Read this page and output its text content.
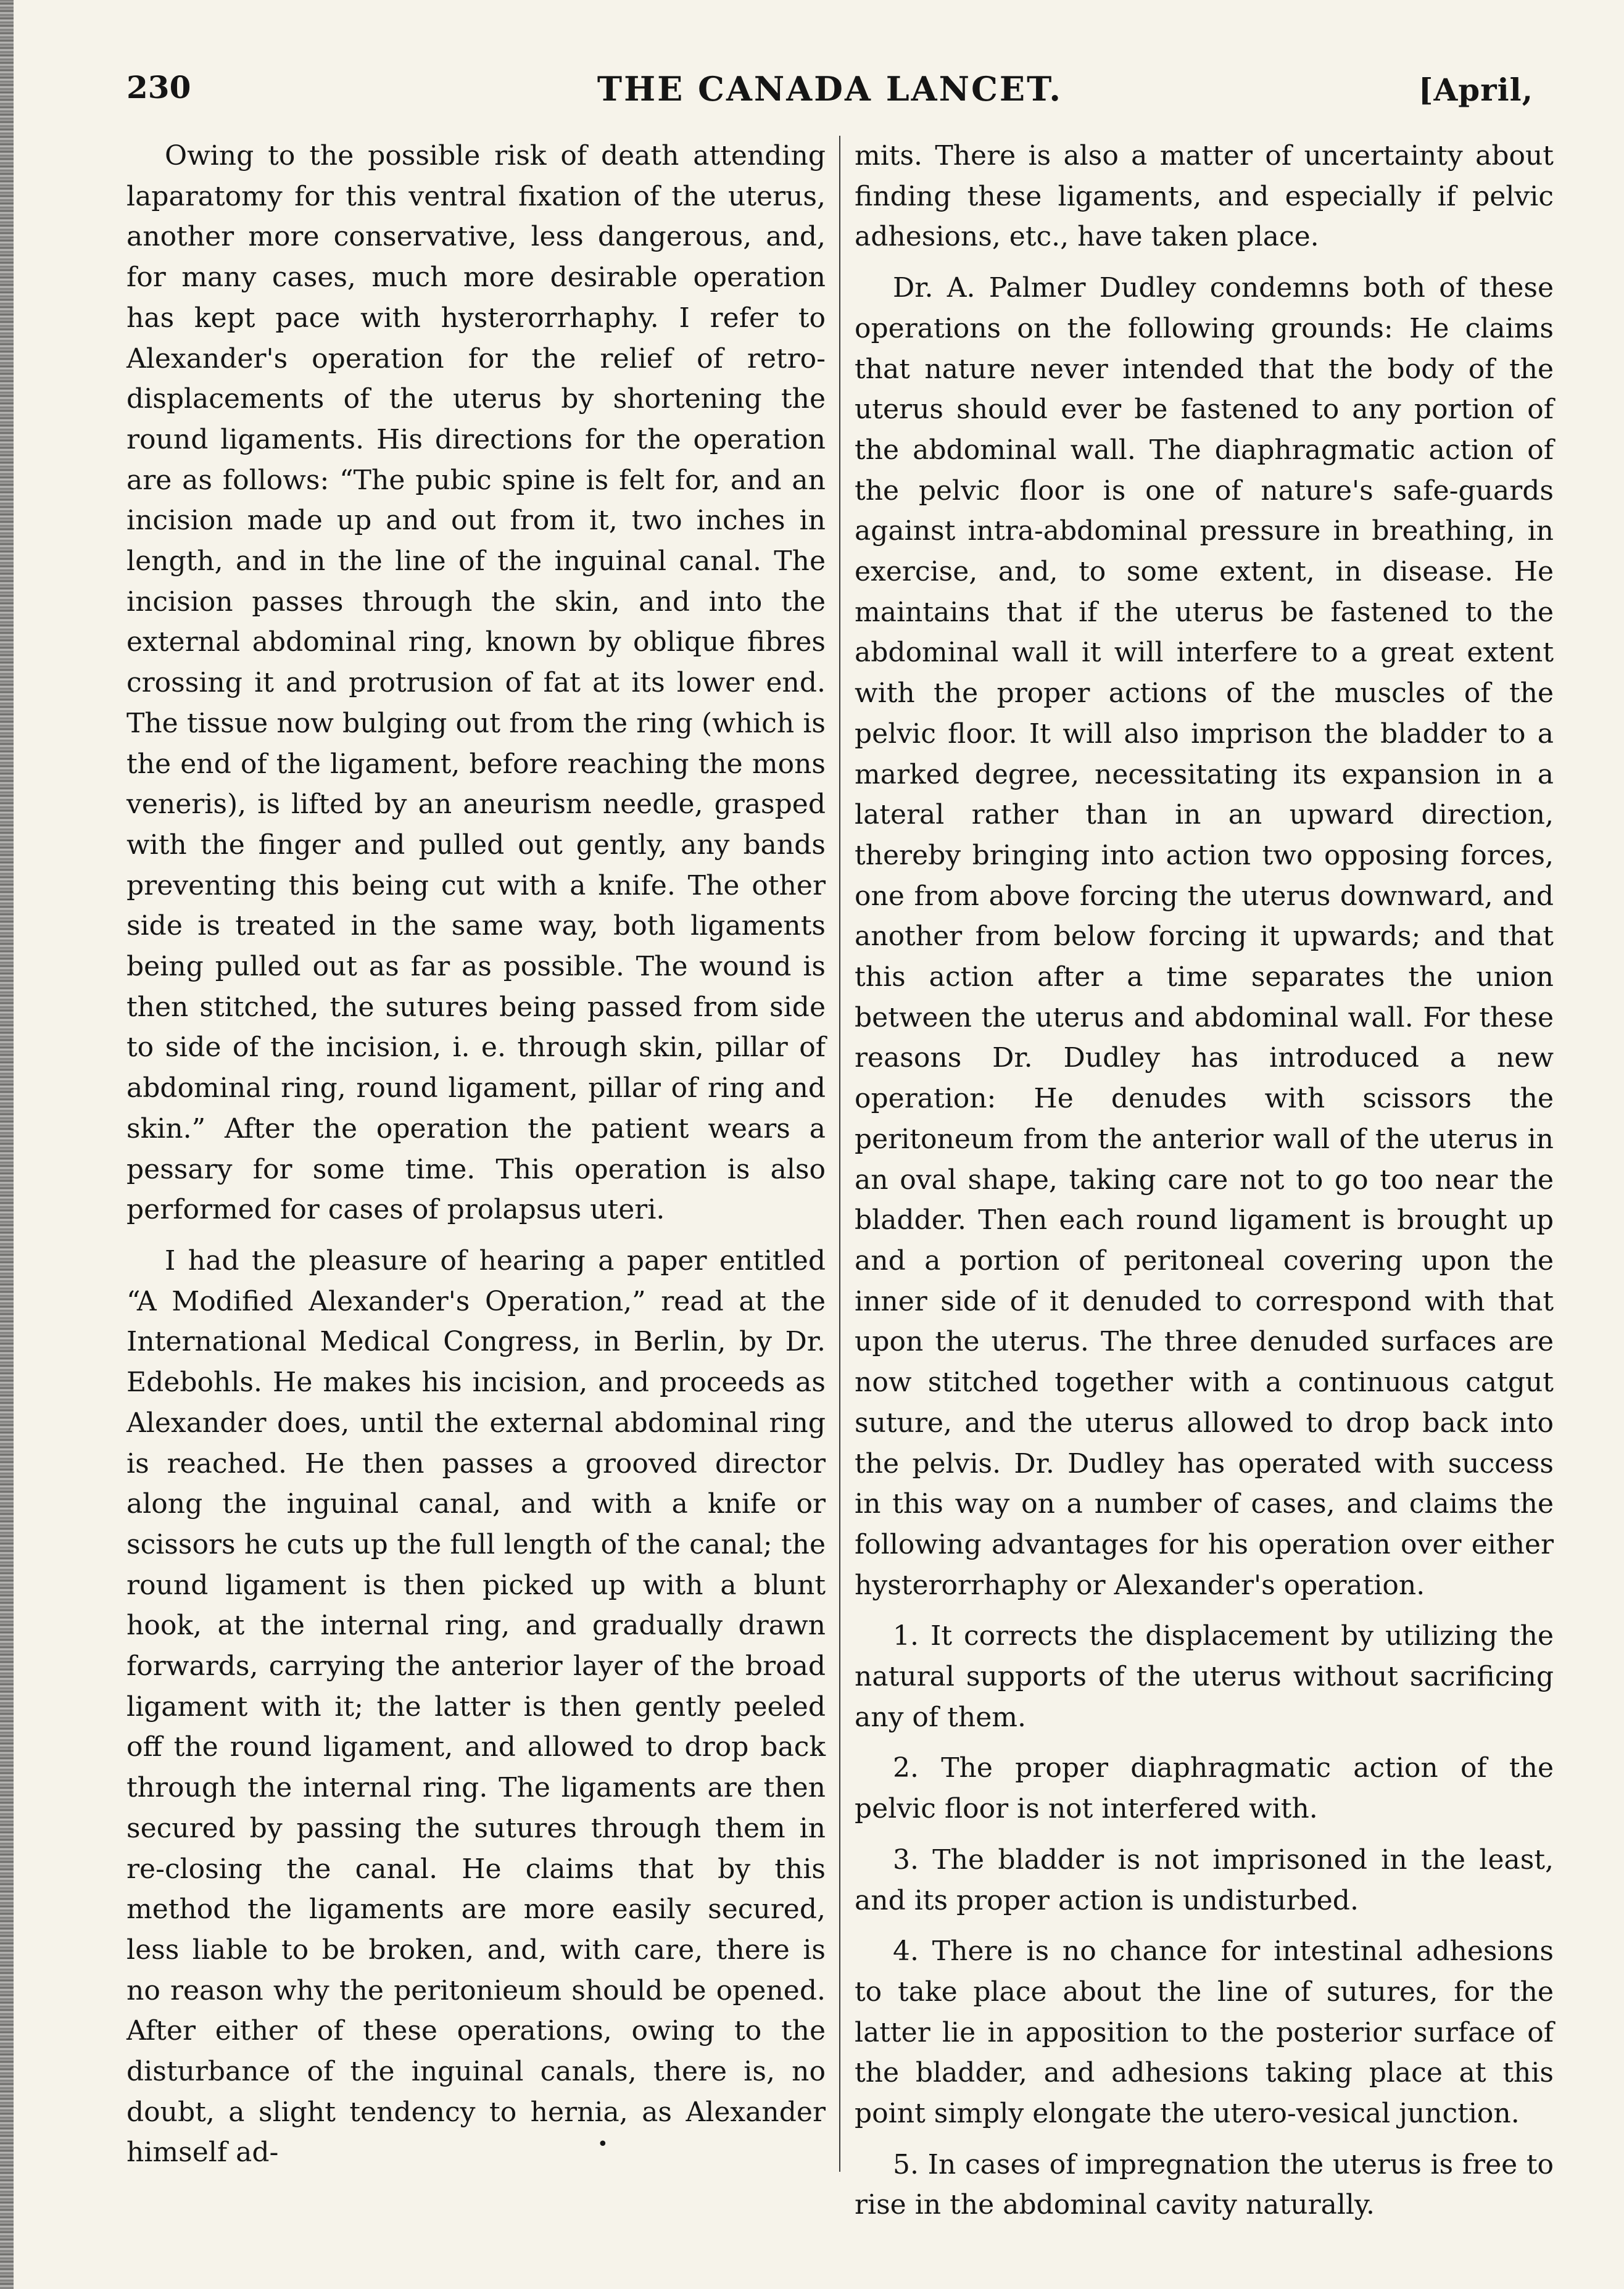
230	THE CANADA LANCET.	[April,

Owing to the possible risk of death attending laparatomy for this ventral fixation of the uterus, another more conservative, less dangerous, and, for many cases, much more desirable operation has kept pace with hysterorrhaphy. I refer to Alexander's operation for the relief of retro-displacements of the uterus by shortening the round ligaments. His directions for the operation are as follows: “The pubic spine is felt for, and an incision made up and out from it, two inches in length, and in the line of the inguinal canal. The incision passes through the skin, and into the external abdominal ring, known by oblique fibres crossing it and protrusion of fat at its lower end. The tissue now bulging out from the ring (which is the end of the ligament, before reaching the mons veneris), is lifted by an aneurism needle, grasped with the finger and pulled out gently, any bands preventing this being cut with a knife. The other side is treated in the same way, both ligaments being pulled out as far as possible. The wound is then stitched, the sutures being passed from side to side of the incision, i. e. through skin, pillar of abdominal ring, round ligament, pillar of ring and skin.” After the operation the patient wears a pessary for some time. This operation is also performed for cases of prolapsus uteri.

I had the pleasure of hearing a paper entitled “A Modified Alexander's Operation,” read at the International Medical Congress, in Berlin, by Dr. Edebohls. He makes his incision, and proceeds as Alexander does, until the external abdominal ring is reached. He then passes a grooved director along the inguinal canal, and with a knife or scissors he cuts up the full length of the canal; the round ligament is then picked up with a blunt hook, at the internal ring, and gradually drawn forwards, carrying the anterior layer of the broad ligament with it; the latter is then gently peeled off the round ligament, and allowed to drop back through the internal ring. The ligaments are then secured by passing the sutures through them in re-closing the canal. He claims that by this method the ligaments are more easily secured, less liable to be broken, and, with care, there is no reason why the peritonieum should be opened. After either of these operations, owing to the disturbance of the inguinal canals, there is, no doubt, a slight tendency to hernia, as Alexander himself ad-

mits. There is also a matter of uncertainty about finding these ligaments, and especially if pelvic adhesions, etc., have taken place.

Dr. A. Palmer Dudley condemns both of these operations on the following grounds: He claims that nature never intended that the body of the uterus should ever be fastened to any portion of the abdominal wall. The diaphragmatic action of the pelvic floor is one of nature's safe-guards against intra-abdominal pressure in breathing, in exercise, and, to some extent, in disease. He maintains that if the uterus be fastened to the abdominal wall it will interfere to a great extent with the proper actions of the muscles of the pelvic floor. It will also imprison the bladder to a marked degree, necessitating its expansion in a lateral rather than in an upward direction, thereby bringing into action two opposing forces, one from above forcing the uterus downward, and another from below forcing it upwards; and that this action after a time separates the union between the uterus and abdominal wall. For these reasons Dr. Dudley has introduced a new operation: He denudes with scissors the peritoneum from the anterior wall of the uterus in an oval shape, taking care not to go too near the bladder. Then each round ligament is brought up and a portion of peritoneal covering upon the inner side of it denuded to correspond with that upon the uterus. The three denuded surfaces are now stitched together with a continuous catgut suture, and the uterus allowed to drop back into the pelvis. Dr. Dudley has operated with success in this way on a number of cases, and claims the following advantages for his operation over either hysterorrhaphy or Alexander's operation.

1. It corrects the displacement by utilizing the natural supports of the uterus without sacrificing any of them.

2. The proper diaphragmatic action of the pelvic floor is not interfered with.

3. The bladder is not imprisoned in the least, and its proper action is undisturbed.

4. There is no chance for intestinal adhesions to take place about the line of sutures, for the latter lie in apposition to the posterior surface of the bladder, and adhesions taking place at this point simply elongate the utero-vesical junction.

5. In cases of impregnation the uterus is free to rise in the abdominal cavity naturally.

•
